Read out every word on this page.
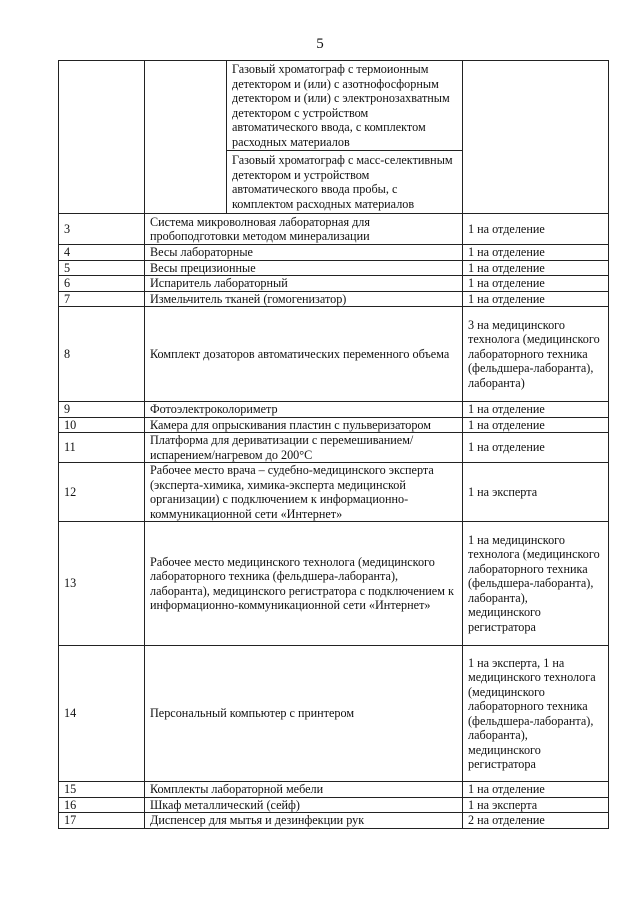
5
		Газовый хроматограф с термоионным детектором и (или) с азотнофосфорным детектором и (или) с электронозахватным детектором с устройством автоматического ввода, с комплектом расходных материалов	
		Газовый хроматограф с масс-селективным детектором и устройством автоматического ввода пробы, с комплектом расходных материалов	
3	Система микроволновая лабораторная для пробоподготовки методом минерализации		1 на отделение
4	Весы лабораторные		1 на отделение
5	Весы прецизионные		1 на отделение
6	Испаритель лабораторный		1 на отделение
7	Измельчитель тканей (гомогенизатор)		1 на отделение
8	Комплект дозаторов автоматических переменного объема		3 на медицинского технолога (медицинского лабораторного техника (фельдшера-лаборанта), лаборанта)
9	Фотоэлектроколориметр		1 на отделение
10	Камера для опрыскивания пластин с пульверизатором		1 на отделение
11	Платформа для дериватизации с перемешиванием/испарением/нагревом до 200°С		1 на отделение
12	Рабочее место врача – судебно-медицинского эксперта (эксперта-химика, химика-эксперта медицинской организации) с подключением к информационно-коммуникационной сети «Интернет»		1 на эксперта
13	Рабочее место медицинского технолога (медицинского лабораторного техника (фельдшера-лаборанта), лаборанта), медицинского регистратора с подключением к информационно-коммуникационной сети «Интернет»		1 на медицинского технолога (медицинского лабораторного техника (фельдшера-лаборанта), лаборанта), медицинского регистратора
14	Персональный компьютер с принтером		1 на эксперта, 1 на медицинского технолога (медицинского лабораторного техника (фельдшера-лаборанта), лаборанта), медицинского регистратора
15	Комплекты лабораторной мебели		1 на отделение
16	Шкаф металлический (сейф)		1 на эксперта
17	Диспенсер для мытья и дезинфекции рук		2 на отделение
